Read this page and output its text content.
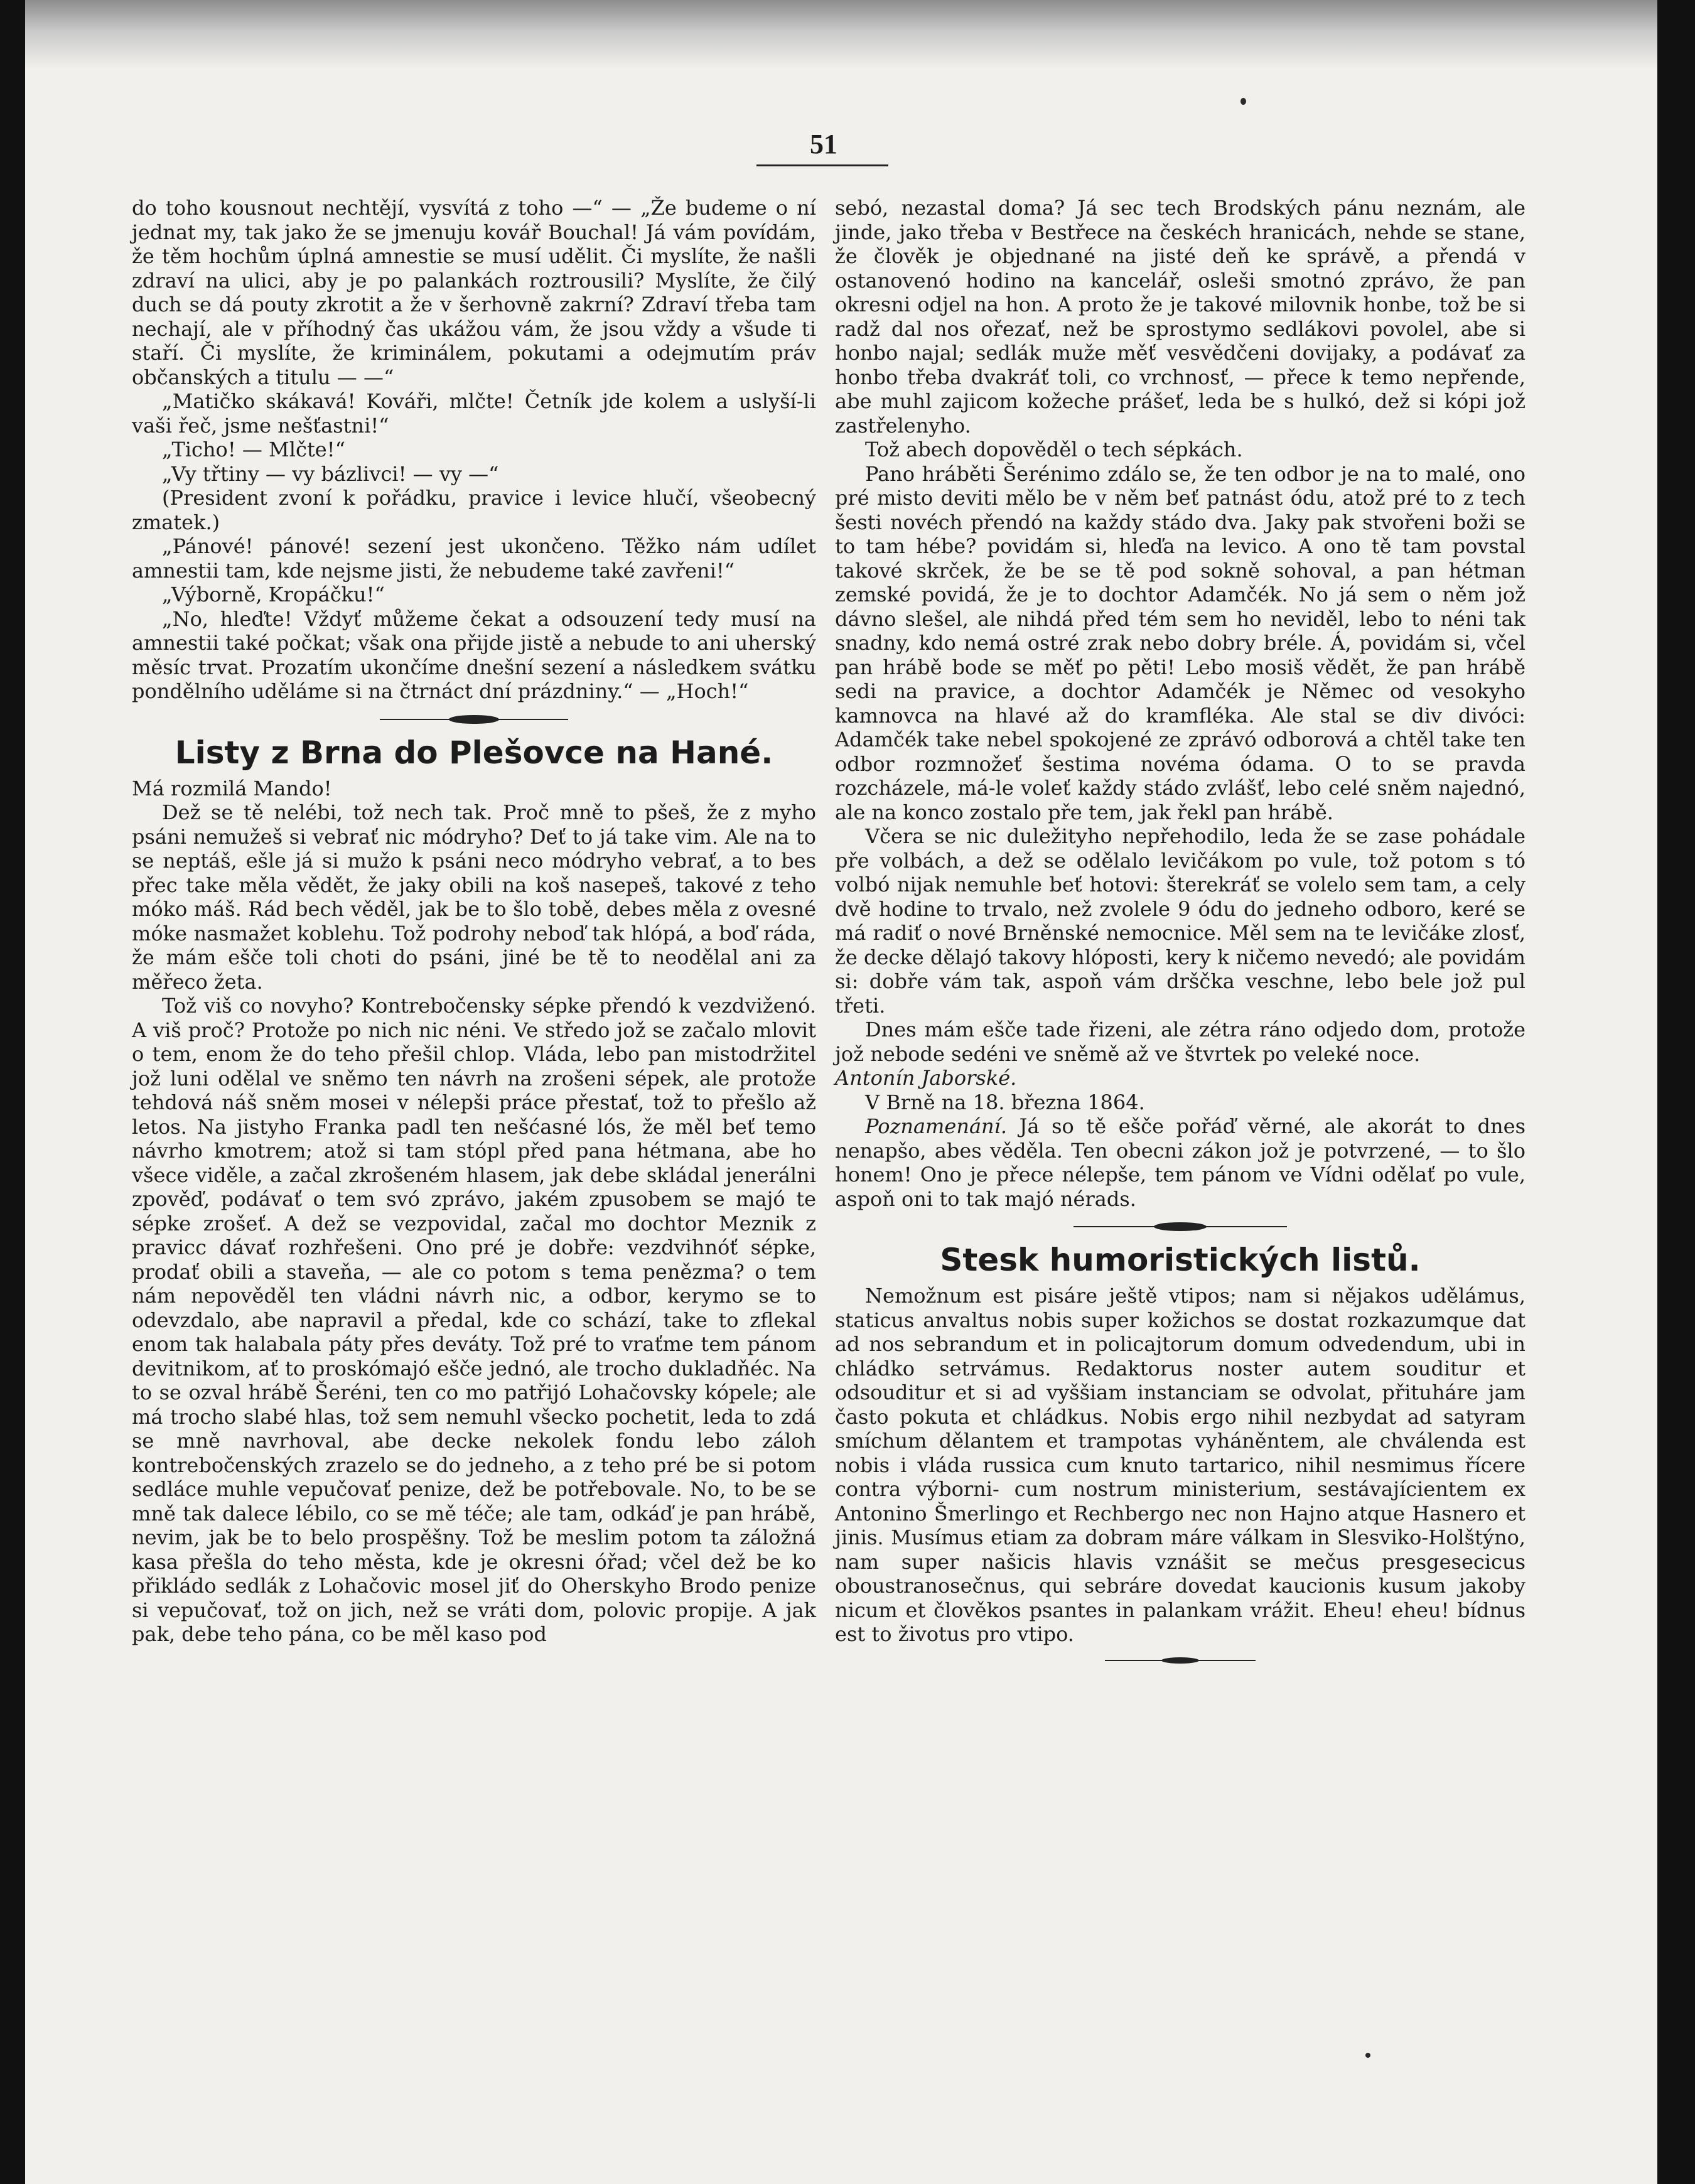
51

do toho kousnout nechtějí, vysvítá z toho —“ — „Že budeme o ní jednat my, tak jako že se jmenuju kovář Bouchal! Já vám povídám, že těm hochům úplná amnestie se musí udělit. Či myslíte, že našli zdraví na ulici, aby je po palankách roztrousili? Myslíte, že čilý duch se dá pouty zkrotit a že v šerhovně zakrní? Zdraví třeba tam nechají, ale v příhodný čas ukážou vám, že jsou vždy a všude ti staří. Či myslíte, že kriminálem, pokutami a odejmutím práv občanských a titulu — —“

„Matičko skákavá! Kováři, mlčte! Četník jde kolem a uslyší-li vaši řeč, jsme nešťastni!“

„Ticho! — Mlčte!“

„Vy třtiny — vy bázlivci! — vy —“

(President zvoní k pořádku, pravice i levice hlučí, všeobecný zmatek.)

„Pánové! pánové! sezení jest ukončeno. Těžko nám udílet amnestii tam, kde nejsme jisti, že nebudeme také zavřeni!“

„Výborně, Kropáčku!“

„No, hleďte! Vždyť můžeme čekat a odsouzení tedy musí na amnestii také počkat; však ona přijde jistě a nebude to ani uherský měsíc trvat. Prozatím ukončíme dnešní sezení a následkem svátku pondělního uděláme si na čtrnáct dní prázdniny.“ — „Hoch!“

Listy z Brna do Plešovce na Hané.

Má rozmilá Mando!

Dež se tě nelébi, tož nech tak. Proč mně to pšeš, že z myho psáni nemužeš si vebrať nic módryho? Deť to já take vim. Ale na to se neptáš, ešle já si mužo k psáni neco módryho vebrať, a to bes přec take měla vědět, že jaky obili na koš nasepeš, takové z teho móko máš. Rád bech věděl, jak be to šlo tobě, debes měla z ovesné móke nasmažet koblehu. Tož podrohy neboď tak hlópá, a boď ráda, že mám ešče toli choti do psáni, jiné be tě to neodělal ani za měřeco žeta.

Tož viš co novyho? Kontrebočensky sépke přendó k vezdviženó. A viš proč? Protože po nich nic néni. Ve středo jož se začalo mlovit o tem, enom že do teho přešil chlop. Vláda, lebo pan mistodržitel jož luni odělal ve sněmo ten návrh na zrošeni sépek, ale protože tehdová náš sněm mosei v nélepši práce přestať, tož to přešlo až letos. Na jistyho Franka padl ten nešćasné lós, že měl beť temo návrho kmotrem; atož si tam stópl před pana hétmana, abe ho všece viděle, a začal zkrošeném hlasem, jak debe skládal jenerálni zpověď, podávať o tem svó zprávo, jakém zpusobem se majó te sépke zrošeť. A dež se vezpovidal, začal mo dochtor Meznik z pravicc dávať rozhřešeni. Ono pré je dobře: vezdvihnóť sépke, prodať obili a staveňa, — ale co potom s tema penězma? o tem nám nepověděl ten vládni návrh nic, a odbor, kerymo se to odevzdalo, abe napravil a předal, kde co schází, take to zflekal enom tak halabala páty přes deváty. Tož pré to vraťme tem pánom devitnikom, ať to proskómajó ešče jednó, ale trocho dukladňéc. Na to se ozval hrábě Šeréni, ten co mo patřijó Lohačovsky kópele; ale má trocho slabé hlas, tož sem nemuhl všecko pochetit, leda to zdá se mně navrhoval, abe decke nekolek fondu lebo záloh kontrebočenských zrazelo se do jedneho, a z teho pré be si potom sedláce muhle vepučovať penize, dež be potřebovale. No, to be se mně tak dalece lébilo, co se mě téče; ale tam, odkáď je pan hrábě, nevim, jak be to belo prospěšny. Tož be meslim potom ta záložná kasa přešla do teho města, kde je okresni óřad; včel dež be ko přikládo sedlák z Lohačovic mosel jiť do Oherskyho Brodo penize si vepučovať, tož on jich, než se vráti dom, polovic propije. A jak pak, debe teho pána, co be měl kaso pod

sebó, nezastal doma? Já sec tech Brodských pánu neznám, ale jinde, jako třeba v Bestřece na českéch hranicách, nehde se stane, že člověk je objednané na jisté deň ke správě, a přendá v ostanovenó hodino na kancelář, osleši smotnó zprávo, že pan okresni odjel na hon. A proto že je takové milovnik honbe, tož be si radž dal nos ořezať, než be sprostymo sedlákovi povolel, abe si honbo najal; sedlák muže měť vesvědčeni dovijaky, a podávať za honbo třeba dvakráť toli, co vrchnosť, — přece k temo nepřende, abe muhl zajicom kožeche prášeť, leda be s hulkó, dež si kópi jož zastřelenyho.

Tož abech dopověděl o tech sépkách.

Pano hráběti Šerénimo zdálo se, že ten odbor je na to malé, ono pré misto deviti mělo be v něm beť patnást ódu, atož pré to z tech šesti novéch přendó na každy stádo dva. Jaky pak stvořeni boži se to tam hébe? povidám si, hleďa na levico. A ono tě tam povstal takové skrček, že be se tě pod sokně sohoval, a pan hétman zemské povidá, že je to dochtor Adamčék. No já sem o něm jož dávno slešel, ale nihdá před tém sem ho neviděl, lebo to néni tak snadny, kdo nemá ostré zrak nebo dobry bréle. Á, povidám si, včel pan hrábě bode se měť po pěti! Lebo mosiš vědět, že pan hrábě sedi na pravice, a dochtor Adamčék je Němec od vesokyho kamnovca na hlavé až do kramfléka. Ale stal se div divóci: Adamčék take nebel spokojené ze zprávó odborová a chtěl take ten odbor rozmnožeť šestima novéma ódama. O to se pravda rozcházele, má-le voleť každy stádo zvlášť, lebo celé sněm najednó, ale na konco zostalo pře tem, jak řekl pan hrábě.

Včera se nic duležityho nepřehodilo, leda že se zase pohádale pře volbách, a dež se odělalo levičákom po vule, tož potom s tó volbó nijak nemuhle beť hotovi: šterekráť se volelo sem tam, a cely dvě hodine to trvalo, než zvolele 9 ódu do jedneho odboro, keré se má radiť o nové Brněnské nemocnice. Měl sem na te levičáke zlosť, že decke dělajó takovy hlóposti, kery k ničemo nevedó; ale povidám si: dobře vám tak, aspoň vám drščka veschne, lebo bele jož pul třeti.

Dnes mám ešče tade řizeni, ale zétra ráno odjedo dom, protože jož nebode sedéni ve sněmě až ve štvrtek po veleké noce.

Antonín Jaborské.

V Brně na 18. března 1864.

Poznamenání. Já so tě ešče pořáď věrné, ale akorát to dnes nenapšo, abes věděla. Ten obecni zákon jož je potvrzené, — to šlo honem! Ono je přece nélepše, tem pánom ve Vídni odělať po vule, aspoň oni to tak majó nérads.

Stesk humoristických listů.

Nemožnum est pisáre ještě vtipos; nam si nějakos udělámus, staticus anvaltus nobis super kožichos se dostat rozkazumque dat ad nos sebrandum et in policajtorum domum odvedendum, ubi in chládko setrvámus. Redaktorus noster autem souditur et odsouditur et si ad vyššiam instanciam se odvolat, přituháre jam často pokuta et chládkus. Nobis ergo nihil nezbydat ad satyram smíchum dělantem et trampotas vyháněntem, ale chválenda est nobis i vláda russica cum knuto tartarico, nihil nesmimus řícere contra výborni- cum nostrum ministerium, sestávajícientem ex Antonino Šmerlingo et Rechbergo nec non Hajno atque Hasnero et jinis. Musímus etiam za dobram máre válkam in Slesviko-Holštýno, nam super našicis hlavis vznášit se mečus presgesecicus oboustranosečnus, qui sebráre dovedat kaucionis kusum jakoby nicum et člověkos psantes in palankam vrážit. Eheu! eheu! bídnus est to životus pro vtipo.
